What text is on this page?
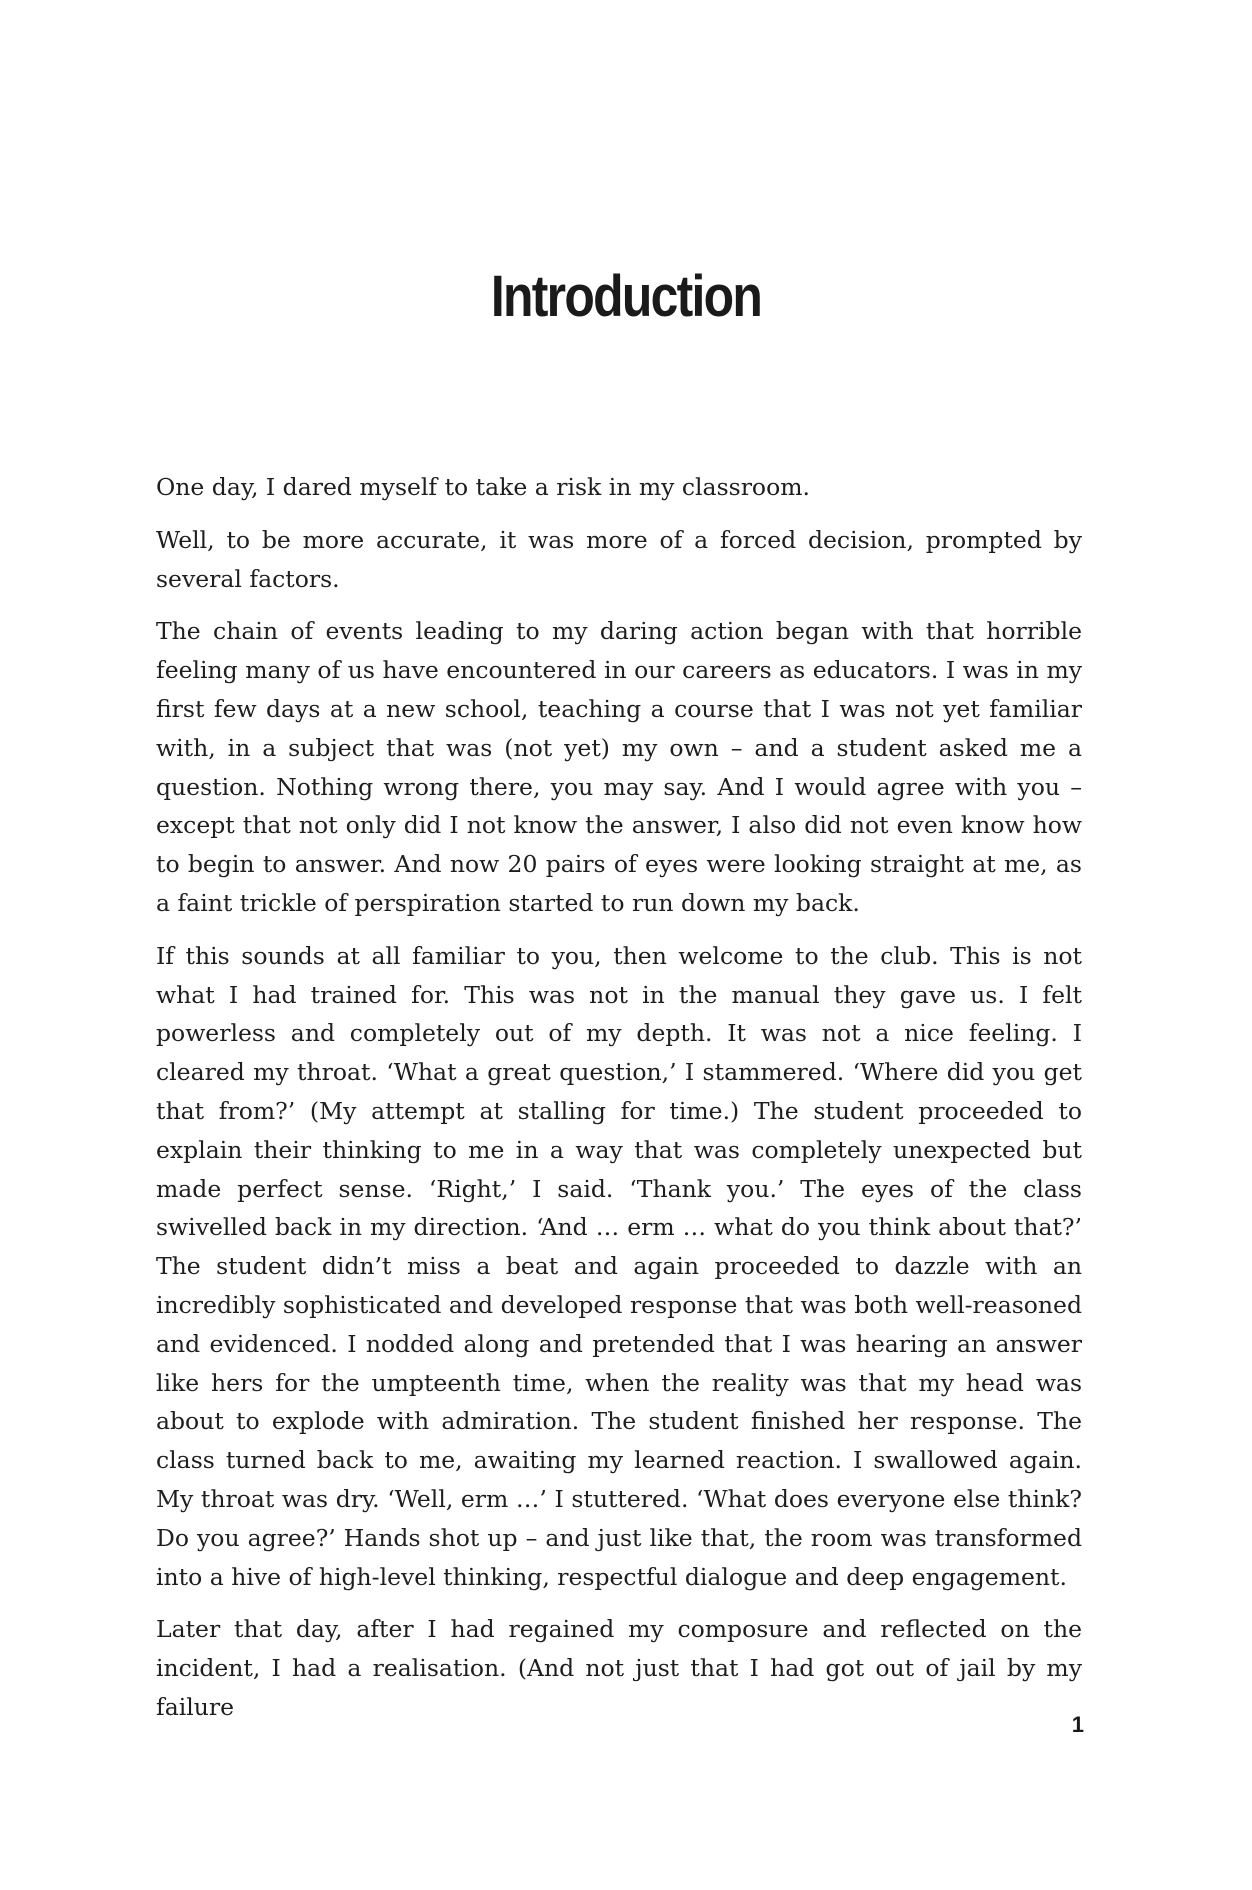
Introduction

One day, I dared myself to take a risk in my classroom.

Well, to be more accurate, it was more of a forced decision, prompted by several factors.

The chain of events leading to my daring action began with that horrible feeling many of us have encountered in our careers as educators. I was in my first few days at a new school, teaching a course that I was not yet familiar with, in a subject that was (not yet) my own – and a student asked me a question. Nothing wrong there, you may say. And I would agree with you – except that not only did I not know the answer, I also did not even know how to begin to answer. And now 20 pairs of eyes were looking straight at me, as a faint trickle of perspiration started to run down my back.

If this sounds at all familiar to you, then welcome to the club. This is not what I had trained for. This was not in the manual they gave us. I felt powerless and completely out of my depth. It was not a nice feeling. I cleared my throat. ‘What a great question,’ I stammered. ‘Where did you get that from?’ (My attempt at stalling for time.) The student proceeded to explain their thinking to me in a way that was completely unexpected but made perfect sense. ‘Right,’ I said. ‘Thank you.’ The eyes of the class swivelled back in my direction. ‘And … erm … what do you think about that?’ The student didn’t miss a beat and again proceeded to dazzle with an incredibly sophisticated and developed response that was both well-reasoned and evidenced. I nodded along and pretended that I was hearing an answer like hers for the umpteenth time, when the reality was that my head was about to explode with admiration. The student finished her response. The class turned back to me, awaiting my learned reaction. I swallowed again. My throat was dry. ‘Well, erm …’ I stuttered. ‘What does everyone else think? Do you agree?’ Hands shot up – and just like that, the room was transformed into a hive of high-level thinking, respectful dialogue and deep engagement.

Later that day, after I had regained my composure and reflected on the incident, I had a realisation. (And not just that I had got out of jail by my failure

1
